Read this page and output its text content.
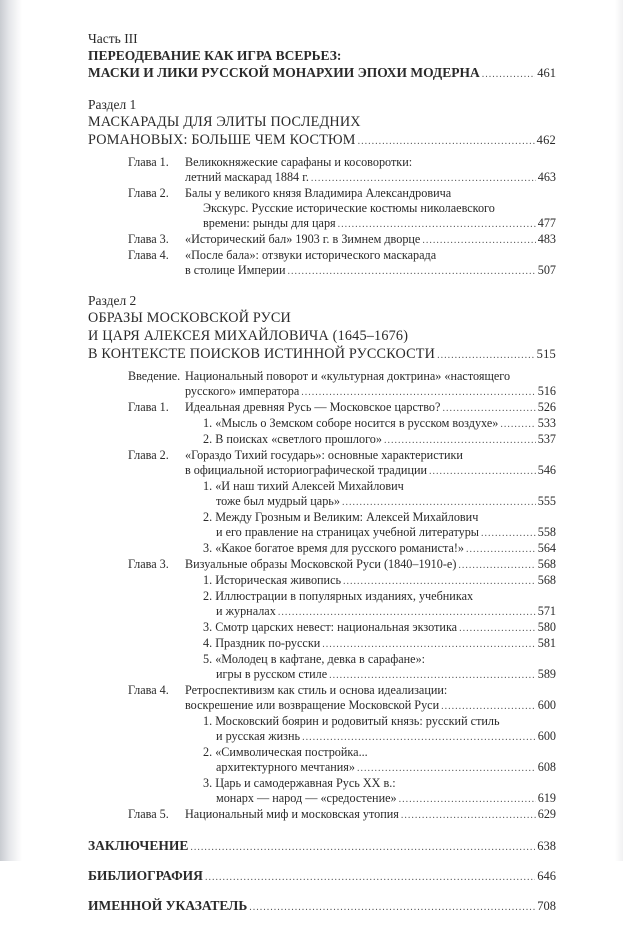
Часть III
ПЕРЕОДЕВАНИЕ КАК ИГРА ВСЕРЬЕЗ:
МАСКИ И ЛИКИ РУССКОЙ МОНАРХИИ ЭПОХИ МОДЕРНА .....	461
Раздел 1
МАСКАРАДЫ ДЛЯ ЭЛИТЫ ПОСЛЕДНИХ
РОМАНОВЫХ: БОЛЬШЕ ЧЕМ КОСТЮМ .....	462
Глава 1.	Великокняжеские сарафаны и косоворотки:
летний маскарад 1884 г. .....	463
Глава 2.	Балы у великого князя Владимира Александровича
Экскурс. Русские исторические костюмы николаевского
времени: рынды для царя .....	477
Глава 3.	«Исторический бал» 1903 г. в Зимнем дворце .....	483
Глава 4.	«После бала»: отзвуки исторического маскарада
в столице Империи .....	507
Раздел 2
ОБРАЗЫ МОСКОВСКОЙ РУСИ
И ЦАРЯ АЛЕКСЕЯ МИХАЙЛОВИЧА (1645–1676)
В КОНТЕКСТЕ ПОИСКОВ ИСТИННОЙ РУССКОСТИ .....	515
Введение. Национальный поворот и «культурная доктрина» «настоящего
русского» императора .....	516
Глава 1.	Идеальная древняя Русь — Московское царство? .....	526
1. «Мысль о Земском соборе носится в русском воздухе» .....	533
2. В поисках «светлого прошлого» .....	537
Глава 2.	«Гораздо Тихий государь»: основные характеристики
в официальной историографической традиции .....	546
1. «И наш тихий Алексей Михайлович
тоже был мудрый царь» .....	555
2. Между Грозным и Великим: Алексей Михайлович
и его правление на страницах учебной литературы .....	558
3. «Какое богатое время для русского романиста!» .....	564
Глава 3.	Визуальные образы Московской Руси (1840–1910-е) .....	568
1. Историческая живопись .....	568
2. Иллюстрации в популярных изданиях, учебниках
и журналах .....	571
3. Смотр царских невест: национальная экзотика .....	580
4. Праздник по-русски .....	581
5. «Молодец в кафтане, девка в сарафане»:
игры в русском стиле .....	589
Глава 4.	Ретроспективизм как стиль и основа идеализации:
воскрешение или возвращение Московской Руси .....	600
1. Московский боярин и родовитый князь: русский стиль
и русская жизнь .....	600
2. «Символическая постройка...
архитектурного мечтания» .....	608
3. Царь и самодержавная Русь XX в.:
монарх — народ — «средостение» .....	619
Глава 5.	Национальный миф и московская утопия .....	629
ЗАКЛЮЧЕНИЕ .....	638
БИБЛИОГРАФИЯ .....	646
ИМЕННОЙ УКАЗАТЕЛЬ .....	708
